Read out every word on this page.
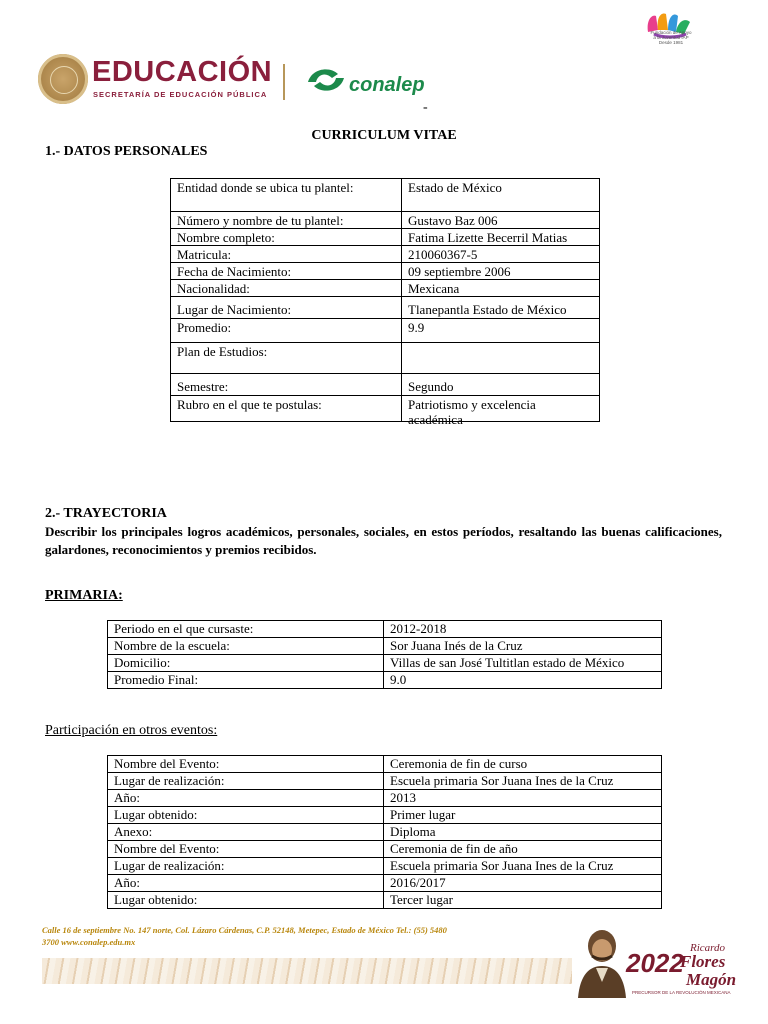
EDUCACIÓN
SECRETARÍA DE EDUCACIÓN PÚBLICA	conalep
Fundación de Apoyo
a la Juventud IAP
Desde 1981
-
CURRICULUM VITAE
1.- DATOS PERSONALES
Entidad donde se ubica tu plantel:	Estado de México
Número y nombre de tu plantel:	Gustavo Baz 006
Nombre completo:	Fatima Lizette Becerril Matias
Matricula:	210060367-5
Fecha de Nacimiento:	09 septiembre 2006
Nacionalidad:	Mexicana
Lugar de Nacimiento:	Tlanepantla Estado de México
Promedio:	9.9
Plan de Estudios:	
Semestre:	Segundo
Rubro en el que te postulas:	Patriotismo y excelencia académica
2.- TRAYECTORIA
Describir los principales logros académicos, personales, sociales, en estos períodos, resaltando las buenas calificaciones, galardones, reconocimientos y premios recibidos.
PRIMARIA:
Periodo en el que cursaste:	2012-2018
Nombre de la escuela:	Sor Juana Inés de la Cruz
Domicilio:	Villas de san José Tultitlan estado de México
Promedio Final:	9.0
Participación en otros eventos:
Nombre del Evento:	Ceremonia de fin de curso
Lugar de realización:	Escuela primaria Sor Juana Ines de la Cruz
Año:	2013
Lugar obtenido:	Primer lugar
Anexo:	Diploma
Nombre del Evento:	Ceremonia de fin de año
Lugar de realización:	Escuela primaria Sor Juana Ines de la Cruz
Año:	2016/2017
Lugar obtenido:	Tercer lugar
Calle 16 de septiembre No. 147 norte, Col. Lázaro Cárdenas, C.P. 52148, Metepec, Estado de México Tel.: (55) 5480
3700 www.conalep.edu.mx
2022 Ricardo
Flores
Magón
PRECURSOR DE LA REVOLUCIÓN MEXICANA
